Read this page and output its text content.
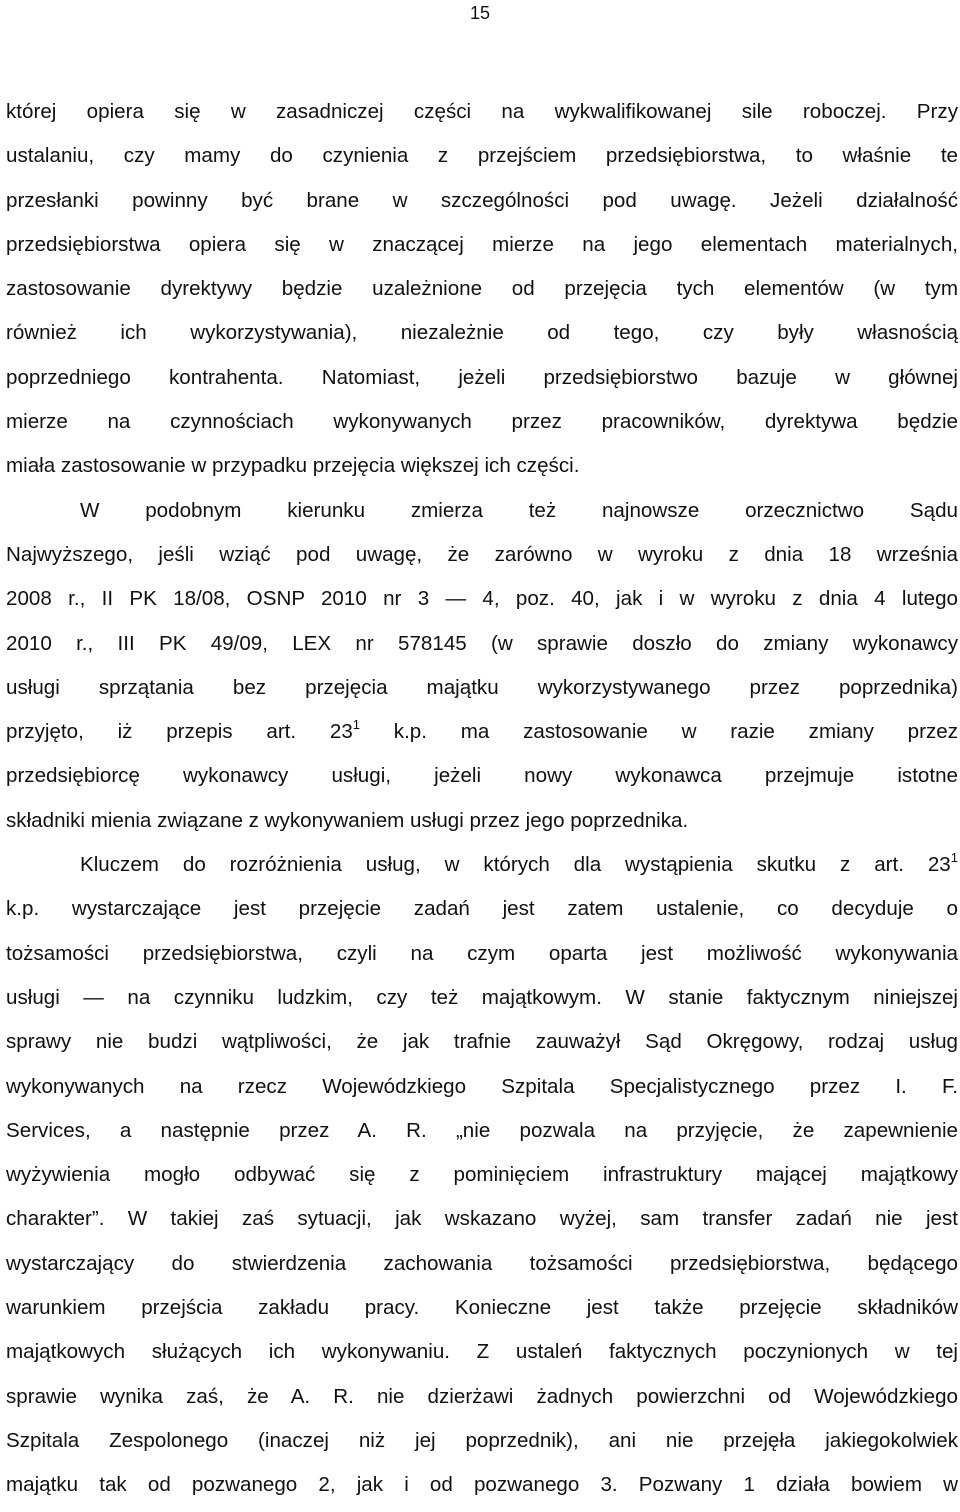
15
której opiera się w zasadniczej części na wykwalifikowanej sile roboczej. Przy
ustalaniu, czy mamy do czynienia z przejściem przedsiębiorstwa, to właśnie te
przesłanki powinny być brane w szczególności pod uwagę. Jeżeli działalność
przedsiębiorstwa opiera się w znaczącej mierze na jego elementach materialnych,
zastosowanie dyrektywy będzie uzależnione od przejęcia tych elementów (w tym
również ich wykorzystywania), niezależnie od tego, czy były własnością
poprzedniego kontrahenta. Natomiast, jeżeli przedsiębiorstwo bazuje w głównej
mierze na czynnościach wykonywanych przez pracowników, dyrektywa będzie
miała zastosowanie w przypadku przejęcia większej ich części.
W podobnym kierunku zmierza też najnowsze orzecznictwo Sądu
Najwyższego, jeśli wziąć pod uwagę, że zarówno w wyroku z dnia 18 września
2008 r., II PK 18/08, OSNP 2010 nr 3 — 4, poz. 40, jak i w wyroku z dnia 4 lutego
2010 r., III PK 49/09, LEX nr 578145 (w sprawie doszło do zmiany wykonawcy
usługi sprzątania bez przejęcia majątku wykorzystywanego przez poprzednika)
przyjęto, iż przepis art. $23^1$ k.p. ma zastosowanie w razie zmiany przez
przedsiębiorcę wykonawcy usługi, jeżeli nowy wykonawca przejmuje istotne
składniki mienia związane z wykonywaniem usługi przez jego poprzednika.
Kluczem do rozróżnienia usług, w których dla wystąpienia skutku z art. $23^1$
k.p. wystarczające jest przejęcie zadań jest zatem ustalenie, co decyduje o
tożsamości przedsiębiorstwa, czyli na czym oparta jest możliwość wykonywania
usługi — na czynniku ludzkim, czy też majątkowym. W stanie faktycznym niniejszej
sprawy nie budzi wątpliwości, że jak trafnie zauważył Sąd Okręgowy, rodzaj usług
wykonywanych na rzecz Wojewódzkiego Szpitala Specjalistycznego przez I. F.
Services, a następnie przez A. R. „nie pozwala na przyjęcie, że zapewnienie
wyżywienia mogło odbywać się z pominięciem infrastruktury mającej majątkowy
charakter”. W takiej zaś sytuacji, jak wskazano wyżej, sam transfer zadań nie jest
wystarczający do stwierdzenia zachowania tożsamości przedsiębiorstwa, będącego
warunkiem przejścia zakładu pracy. Konieczne jest także przejęcie składników
majątkowych służących ich wykonywaniu. Z ustaleń faktycznych poczynionych w tej
sprawie wynika zaś, że A. R. nie dzierżawi żadnych powierzchni od Wojewódzkiego
Szpitala Zespolonego (inaczej niż jej poprzednik), ani nie przejęła jakiegokolwiek
majątku tak od pozwanego 2, jak i od pozwanego 3. Pozwany 1 działa bowiem w
